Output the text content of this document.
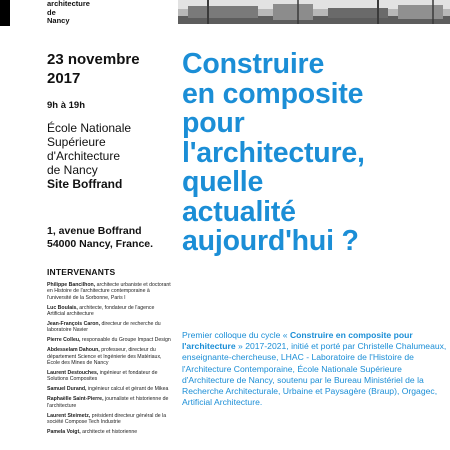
architecture
de
Nancy
23 novembre
2017
9h à 19h
École Nationale
Supérieure
d'Architecture
de Nancy
Site Boffrand
1, avenue Boffrand
54000 Nancy, France.
INTERVENANTS
Philippe Bancilhon, architecte urbaniste et doctorant en Histoire de l'architecture contemporaine à l'université de la Sorbonne, Paris I
Luc Boulais, architecte, fondateur de l'agence Artificial architecture
Jean-François Caron, directeur de recherche du laboratoire Navier
Pierre Colleu, responsable du Groupe Impact Design
Abdesselam Dahoun, professeur, directeur du département Science et Ingénierie des Matériaux, École des Mines de Nancy
Laurent Destouches, ingénieur et fondateur de Solutions Composites
Samuel Durand, ingénieur calcul et gérant de Mikea
Raphaëlle Saint-Pierre, journaliste et historienne de l'architecture
Laurent Steimetz, président directeur général de la société Compose Tech Industrie
Pamela Voigt, architecte et historienne
Construire
en composite
pour
l'architecture,
quelle
actualité
aujourd'hui ?
Premier colloque du cycle « Construire en composite pour l'architecture » 2017-2021, initié et porté par Christelle Chalumeaux, enseignante-chercheuse, LHAC - Laboratoire de l'Histoire de l'Architecture Contemporaine, École Nationale Supérieure d'Architecture de Nancy, soutenu par le Bureau Ministériel de la Recherche Architecturale, Urbaine et Paysagère (Braup), Orgagec, Artificial Architecture.
